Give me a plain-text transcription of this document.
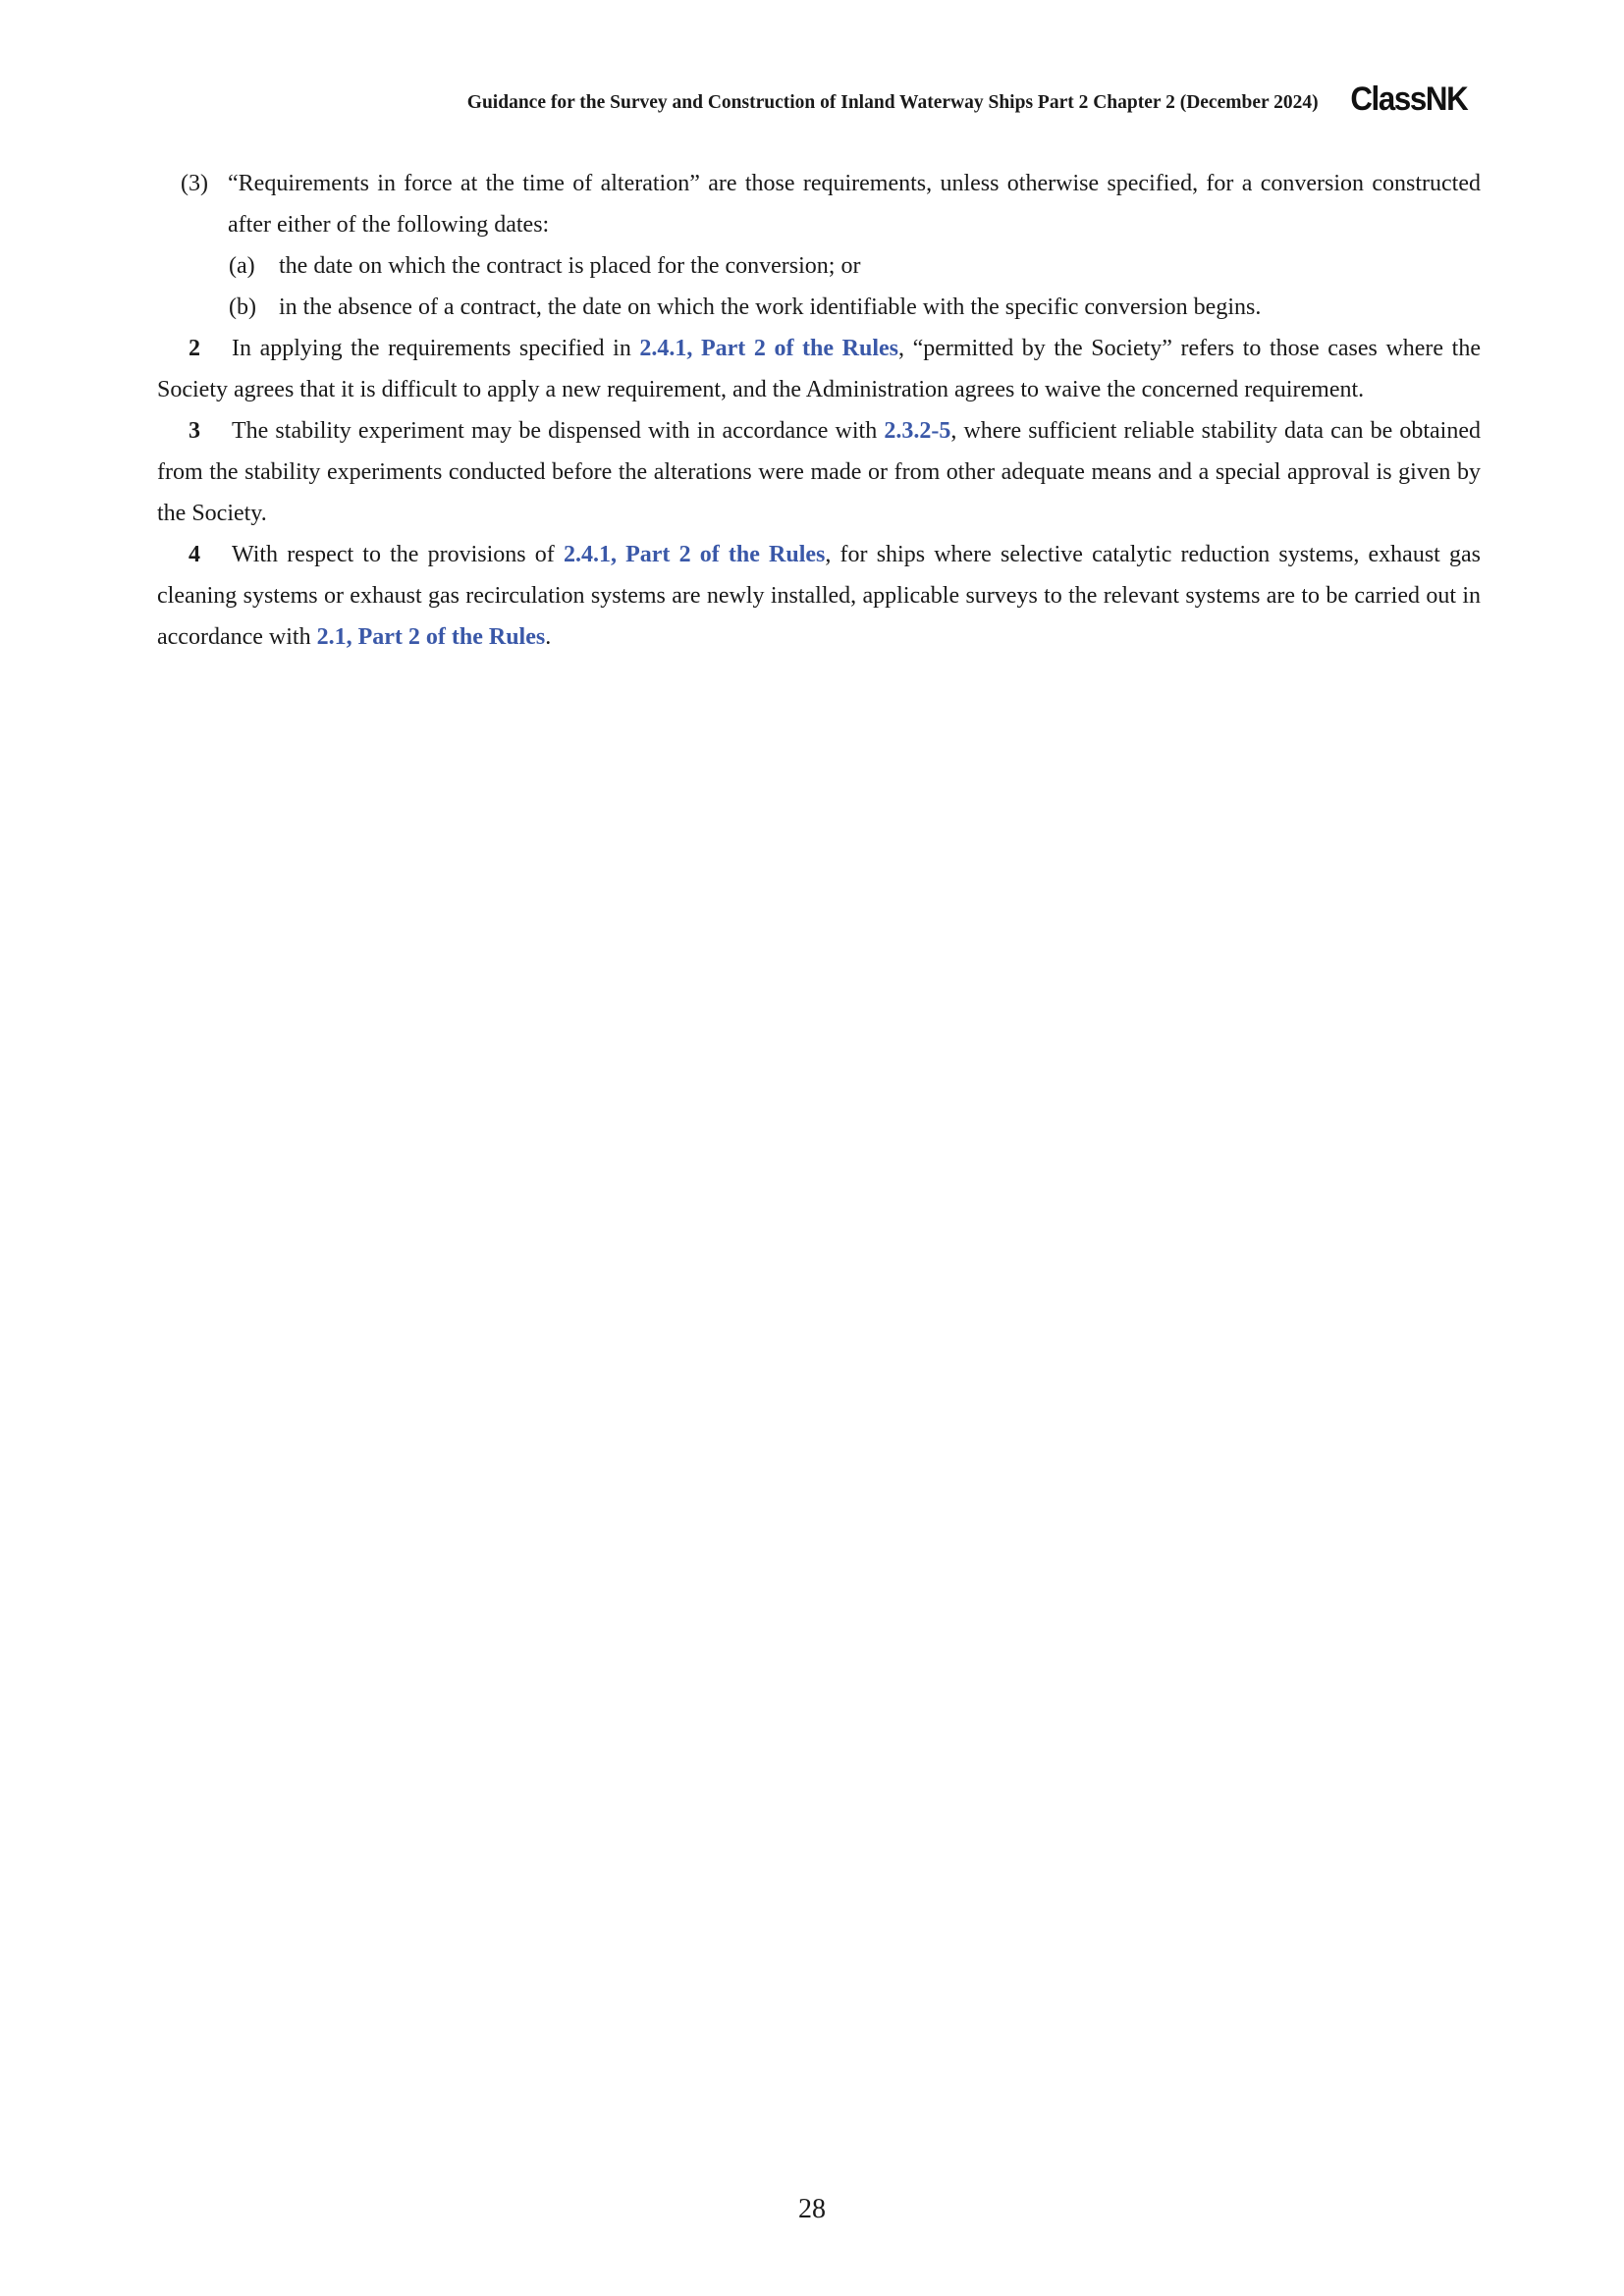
Guidance for the Survey and Construction of Inland Waterway Ships Part 2 Chapter 2 (December 2024) ClassNK
(3) “Requirements in force at the time of alteration” are those requirements, unless otherwise specified, for a conversion constructed after either of the following dates:
(a) the date on which the contract is placed for the conversion; or
(b) in the absence of a contract, the date on which the work identifiable with the specific conversion begins.
2 In applying the requirements specified in 2.4.1, Part 2 of the Rules, “permitted by the Society” refers to those cases where the Society agrees that it is difficult to apply a new requirement, and the Administration agrees to waive the concerned requirement.
3 The stability experiment may be dispensed with in accordance with 2.3.2-5, where sufficient reliable stability data can be obtained from the stability experiments conducted before the alterations were made or from other adequate means and a special approval is given by the Society.
4 With respect to the provisions of 2.4.1, Part 2 of the Rules, for ships where selective catalytic reduction systems, exhaust gas cleaning systems or exhaust gas recirculation systems are newly installed, applicable surveys to the relevant systems are to be carried out in accordance with 2.1, Part 2 of the Rules.
28
